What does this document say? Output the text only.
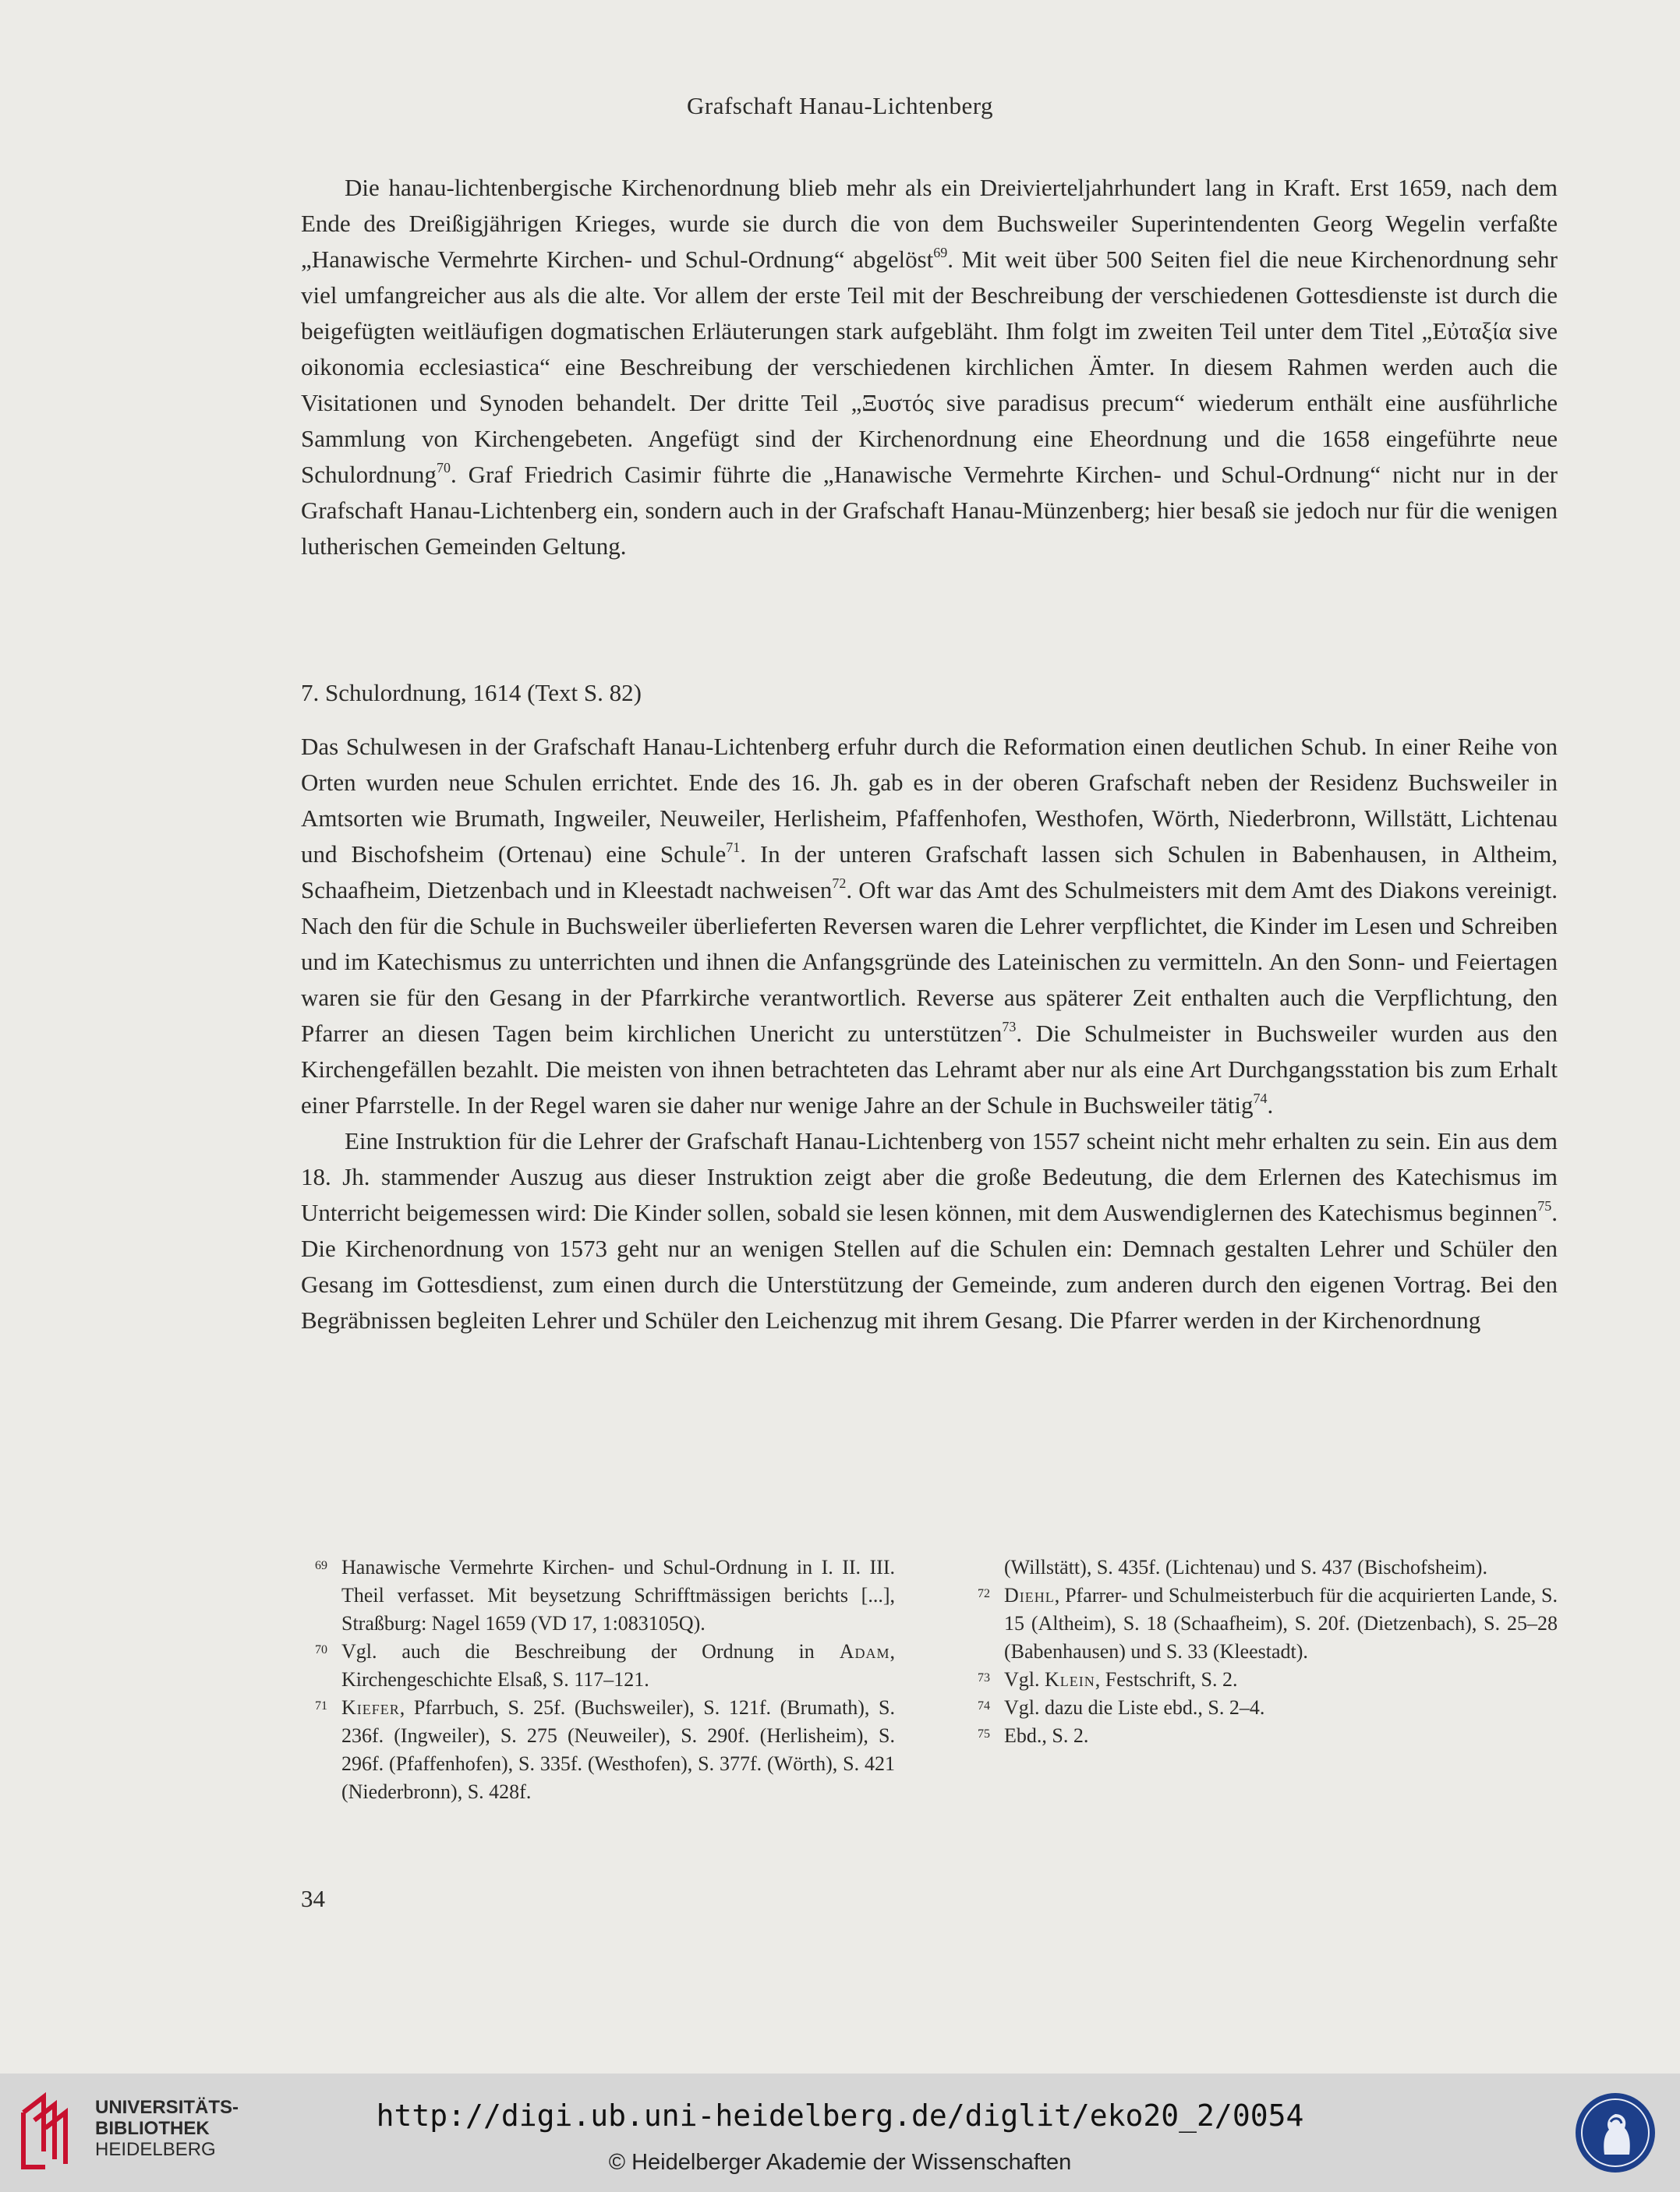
Grafschaft Hanau-Lichtenberg

Die hanau-lichtenbergische Kirchenordnung blieb mehr als ein Dreivierteljahrhundert lang in Kraft. Erst 1659, nach dem Ende des Dreißigjährigen Krieges, wurde sie durch die von dem Buchsweiler Superintendenten Georg Wegelin verfaßte „Hanawische Vermehrte Kirchen- und Schul-Ordnung“ abgelöst$^{69}$. Mit weit über 500 Seiten fiel die neue Kirchenordnung sehr viel umfangreicher aus als die alte. Vor allem der erste Teil mit der Beschreibung der verschiedenen Gottesdienste ist durch die beigefügten weitläufigen dogmatischen Erläuterungen stark aufgebläht. Ihm folgt im zweiten Teil unter dem Titel „Εὐταξία sive oikonomia ecclesiastica“ eine Beschreibung der verschiedenen kirchlichen Ämter. In diesem Rahmen werden auch die Visitationen und Synoden behandelt. Der dritte Teil „Ξυστός sive paradisus precum“ wiederum enthält eine ausführliche Sammlung von Kirchengebeten. Angefügt sind der Kirchenordnung eine Eheordnung und die 1658 eingeführte neue Schulordnung$^{70}$. Graf Friedrich Casimir führte die „Hanawische Vermehrte Kirchen- und Schul-Ordnung“ nicht nur in der Grafschaft Hanau-Lichtenberg ein, sondern auch in der Grafschaft Hanau-Münzenberg; hier besaß sie jedoch nur für die wenigen lutherischen Gemeinden Geltung.

7. Schulordnung, 1614 (Text S. 82)

Das Schulwesen in der Grafschaft Hanau-Lichtenberg erfuhr durch die Reformation einen deutlichen Schub. In einer Reihe von Orten wurden neue Schulen errichtet. Ende des 16. Jh. gab es in der oberen Grafschaft neben der Residenz Buchsweiler in Amtsorten wie Brumath, Ingweiler, Neuweiler, Herlisheim, Pfaffenhofen, Westhofen, Wörth, Niederbronn, Willstätt, Lichtenau und Bischofsheim (Ortenau) eine Schule$^{71}$. In der unteren Grafschaft lassen sich Schulen in Babenhausen, in Altheim, Schaafheim, Dietzenbach und in Kleestadt nachweisen$^{72}$. Oft war das Amt des Schulmeisters mit dem Amt des Diakons vereinigt. Nach den für die Schule in Buchsweiler überlieferten Reversen waren die Lehrer verpflichtet, die Kinder im Lesen und Schreiben und im Katechismus zu unterrichten und ihnen die Anfangsgründe des Lateinischen zu vermitteln. An den Sonn- und Feiertagen waren sie für den Gesang in der Pfarrkirche verantwortlich. Reverse aus späterer Zeit enthalten auch die Verpflichtung, den Pfarrer an diesen Tagen beim kirchlichen Unericht zu unterstützen$^{73}$. Die Schulmeister in Buchsweiler wurden aus den Kirchengefällen bezahlt. Die meisten von ihnen betrachteten das Lehramt aber nur als eine Art Durchgangsstation bis zum Erhalt einer Pfarrstelle. In der Regel waren sie daher nur wenige Jahre an der Schule in Buchsweiler tätig$^{74}$.

Eine Instruktion für die Lehrer der Grafschaft Hanau-Lichtenberg von 1557 scheint nicht mehr erhalten zu sein. Ein aus dem 18. Jh. stammender Auszug aus dieser Instruktion zeigt aber die große Bedeutung, die dem Erlernen des Katechismus im Unterricht beigemessen wird: Die Kinder sollen, sobald sie lesen können, mit dem Auswendiglernen des Katechismus beginnen$^{75}$. Die Kirchenordnung von 1573 geht nur an wenigen Stellen auf die Schulen ein: Demnach gestalten Lehrer und Schüler den Gesang im Gottesdienst, zum einen durch die Unterstützung der Gemeinde, zum anderen durch den eigenen Vortrag. Bei den Begräbnissen begleiten Lehrer und Schüler den Leichenzug mit ihrem Gesang. Die Pfarrer werden in der Kirchenordnung

69 Hanawische Vermehrte Kirchen- und Schul-Ordnung in I. II. III. Theil verfasset. Mit beysetzung Schrifftmässigen berichts [...], Straßburg: Nagel 1659 (VD 17, 1:083105Q).

70 Vgl. auch die Beschreibung der Ordnung in Adam, Kirchengeschichte Elsaß, S. 117–121.

71 Kiefer, Pfarrbuch, S. 25f. (Buchsweiler), S. 121f. (Brumath), S. 236f. (Ingweiler), S. 275 (Neuweiler), S. 290f. (Herlisheim), S. 296f. (Pfaffenhofen), S. 335f. (Westhofen), S. 377f. (Wörth), S. 421 (Niederbronn), S. 428f.

(Willstätt), S. 435f. (Lichtenau) und S. 437 (Bischofsheim).

72 Diehl, Pfarrer- und Schulmeisterbuch für die acquirierten Lande, S. 15 (Altheim), S. 18 (Schaafheim), S. 20f. (Dietzenbach), S. 25–28 (Babenhausen) und S. 33 (Kleestadt).

73 Vgl. Klein, Festschrift, S. 2.

74 Vgl. dazu die Liste ebd., S. 2–4.

75 Ebd., S. 2.

34
UNIVERSITÄTS-
BIBLIOTHEK
HEIDELBERG
http://digi.ub.uni-heidelberg.de/diglit/eko20_2/0054
© Heidelberger Akademie der Wissenschaften
